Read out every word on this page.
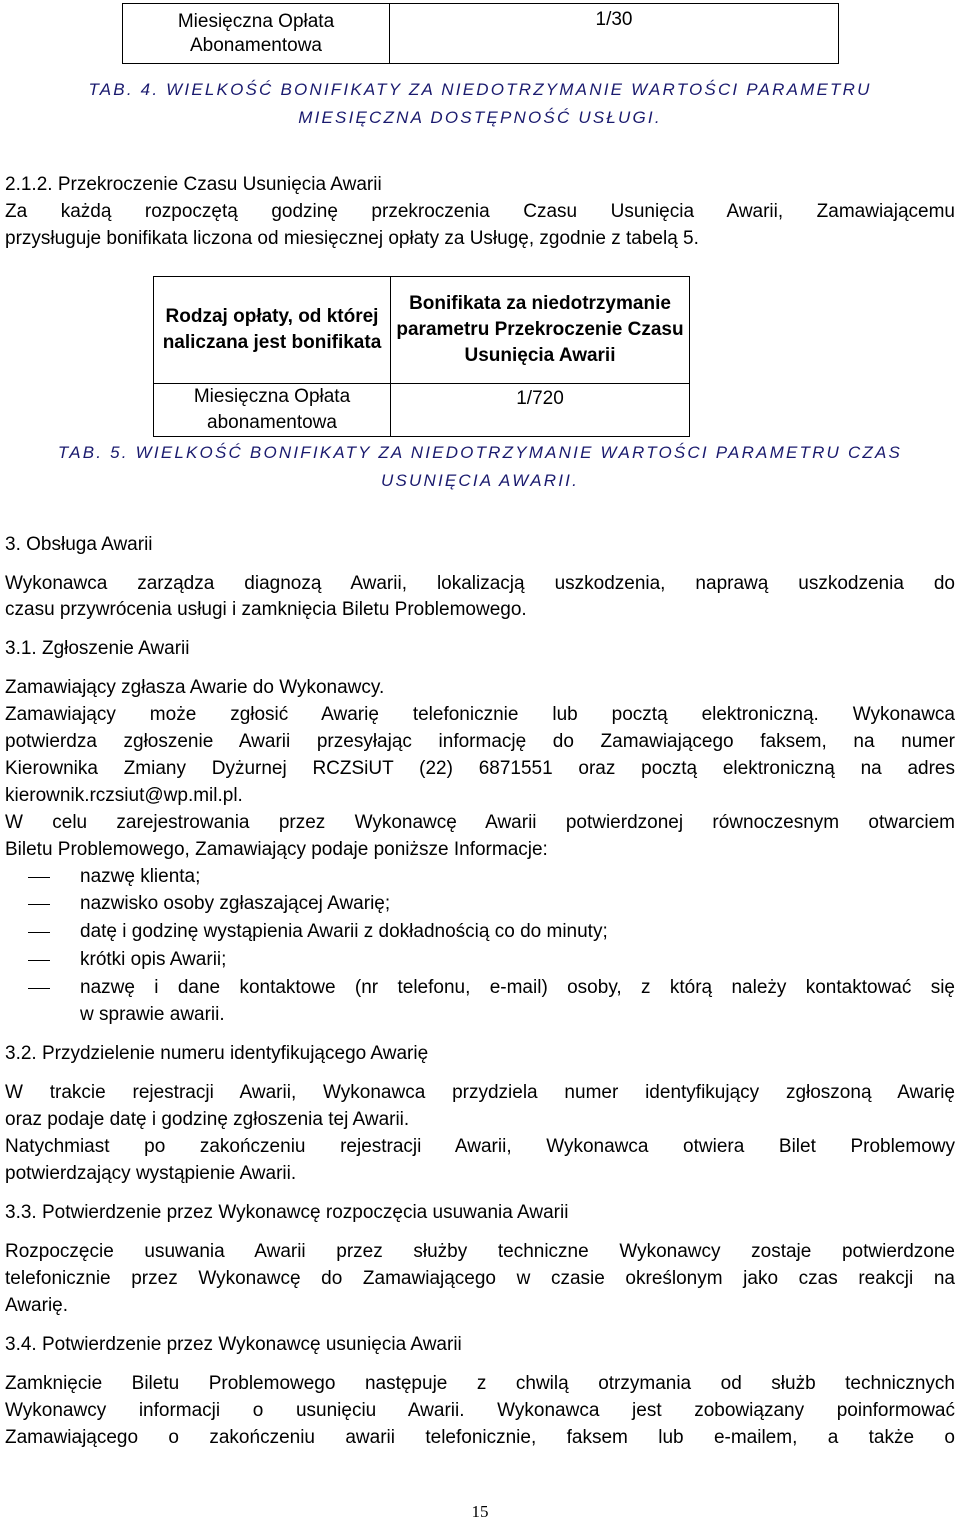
Miesięczna Opłata Abonamentowa	1/30
TAB. 4. WIELKOŚĆ BONIFIKATY ZA NIEDOTRZYMANIE WARTOŚCI PARAMETRU
MIESIĘCZNA DOSTĘPNOŚĆ USŁUGI.
2.1.2. Przekroczenie Czasu Usunięcia Awarii
Za każdą rozpoczętą godzinę przekroczenia Czasu Usunięcia Awarii, Zamawiającemu
przysługuje bonifikata liczona od miesięcznej opłaty za Usługę, zgodnie z tabelą 5.
Rodzaj opłaty, od której naliczana jest bonifikata	Bonifikata za niedotrzymanie parametru Przekroczenie Czasu Usunięcia Awarii
Miesięczna Opłata abonamentowa	1/720
TAB. 5. WIELKOŚĆ BONIFIKATY ZA NIEDOTRZYMANIE WARTOŚCI PARAMETRU CZAS
USUNIĘCIA AWARII.
3. Obsługa Awarii
Wykonawca zarządza diagnozą Awarii, lokalizacją uszkodzenia, naprawą uszkodzenia do
czasu przywrócenia usługi i zamknięcia Biletu Problemowego.
3.1. Zgłoszenie Awarii
Zamawiający zgłasza Awarie do Wykonawcy.
Zamawiający może zgłosić Awarię telefonicznie lub pocztą elektroniczną. Wykonawca
potwierdza zgłoszenie Awarii przesyłając informację do Zamawiającego faksem, na numer
Kierownika Zmiany Dyżurnej RCZSiUT (22) 6871551 oraz pocztą elektroniczną na adres
kierownik.rczsiut@wp.mil.pl.
W celu zarejestrowania przez Wykonawcę Awarii potwierdzonej równoczesnym otwarciem
Biletu Problemowego, Zamawiający podaje poniższe Informacje:
nazwę klienta;
nazwisko osoby zgłaszającej Awarię;
datę i godzinę wystąpienia Awarii z dokładnością co do minuty;
krótki opis Awarii;
nazwę i dane kontaktowe (nr telefonu, e-mail) osoby, z którą należy kontaktować się
w sprawie awarii.
3.2. Przydzielenie numeru identyfikującego Awarię
W trakcie rejestracji Awarii, Wykonawca przydziela numer identyfikujący zgłoszoną Awarię
oraz podaje datę i godzinę zgłoszenia tej Awarii.
Natychmiast po zakończeniu rejestracji Awarii, Wykonawca otwiera Bilet Problemowy
potwierdzający wystąpienie Awarii.
3.3. Potwierdzenie przez Wykonawcę rozpoczęcia usuwania Awarii
Rozpoczęcie usuwania Awarii przez służby techniczne Wykonawcy zostaje potwierdzone
telefonicznie przez Wykonawcę do Zamawiającego w czasie określonym jako czas reakcji na
Awarię.
3.4. Potwierdzenie przez Wykonawcę usunięcia Awarii
Zamknięcie Biletu Problemowego następuje z chwilą otrzymania od służb technicznych
Wykonawcy informacji o usunięciu Awarii. Wykonawca jest zobowiązany poinformować
Zamawiającego o zakończeniu awarii telefonicznie, faksem lub e-mailem, a także o
15
